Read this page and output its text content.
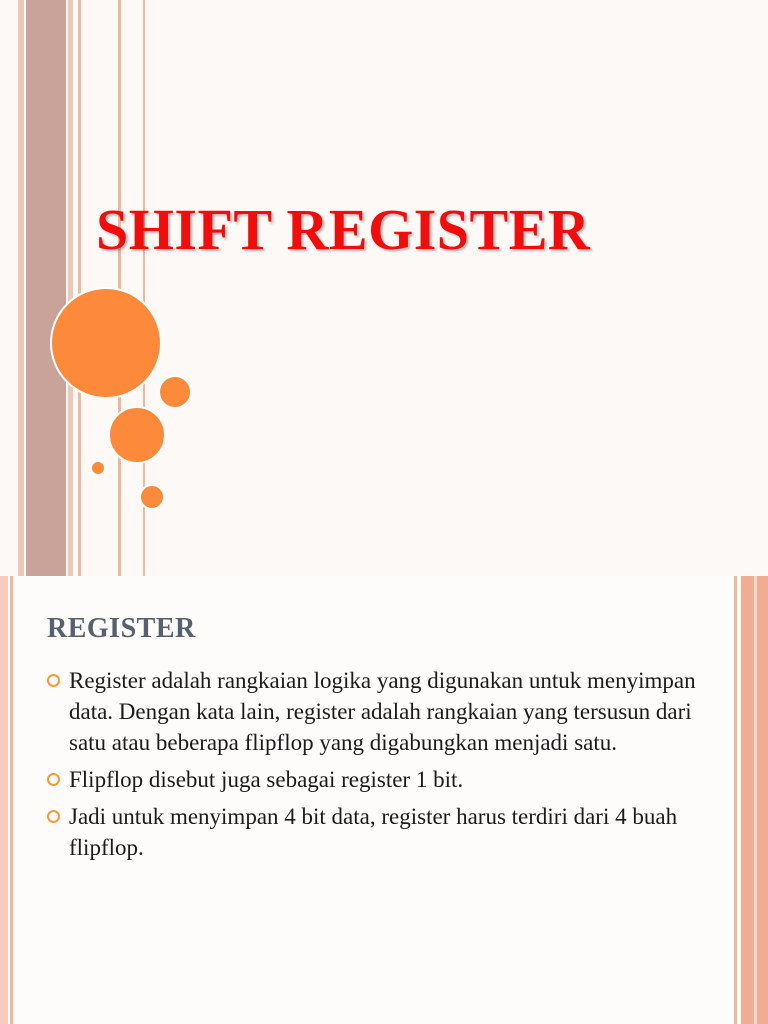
SHIFT REGISTER
REGISTER
Register adalah rangkaian logika yang digunakan untuk menyimpan data. Dengan kata lain, register adalah rangkaian yang tersusun dari satu atau beberapa flipflop yang digabungkan menjadi satu.
Flipflop disebut juga sebagai register 1 bit.
Jadi untuk menyimpan 4 bit data, register harus terdiri dari 4 buah flipflop.
